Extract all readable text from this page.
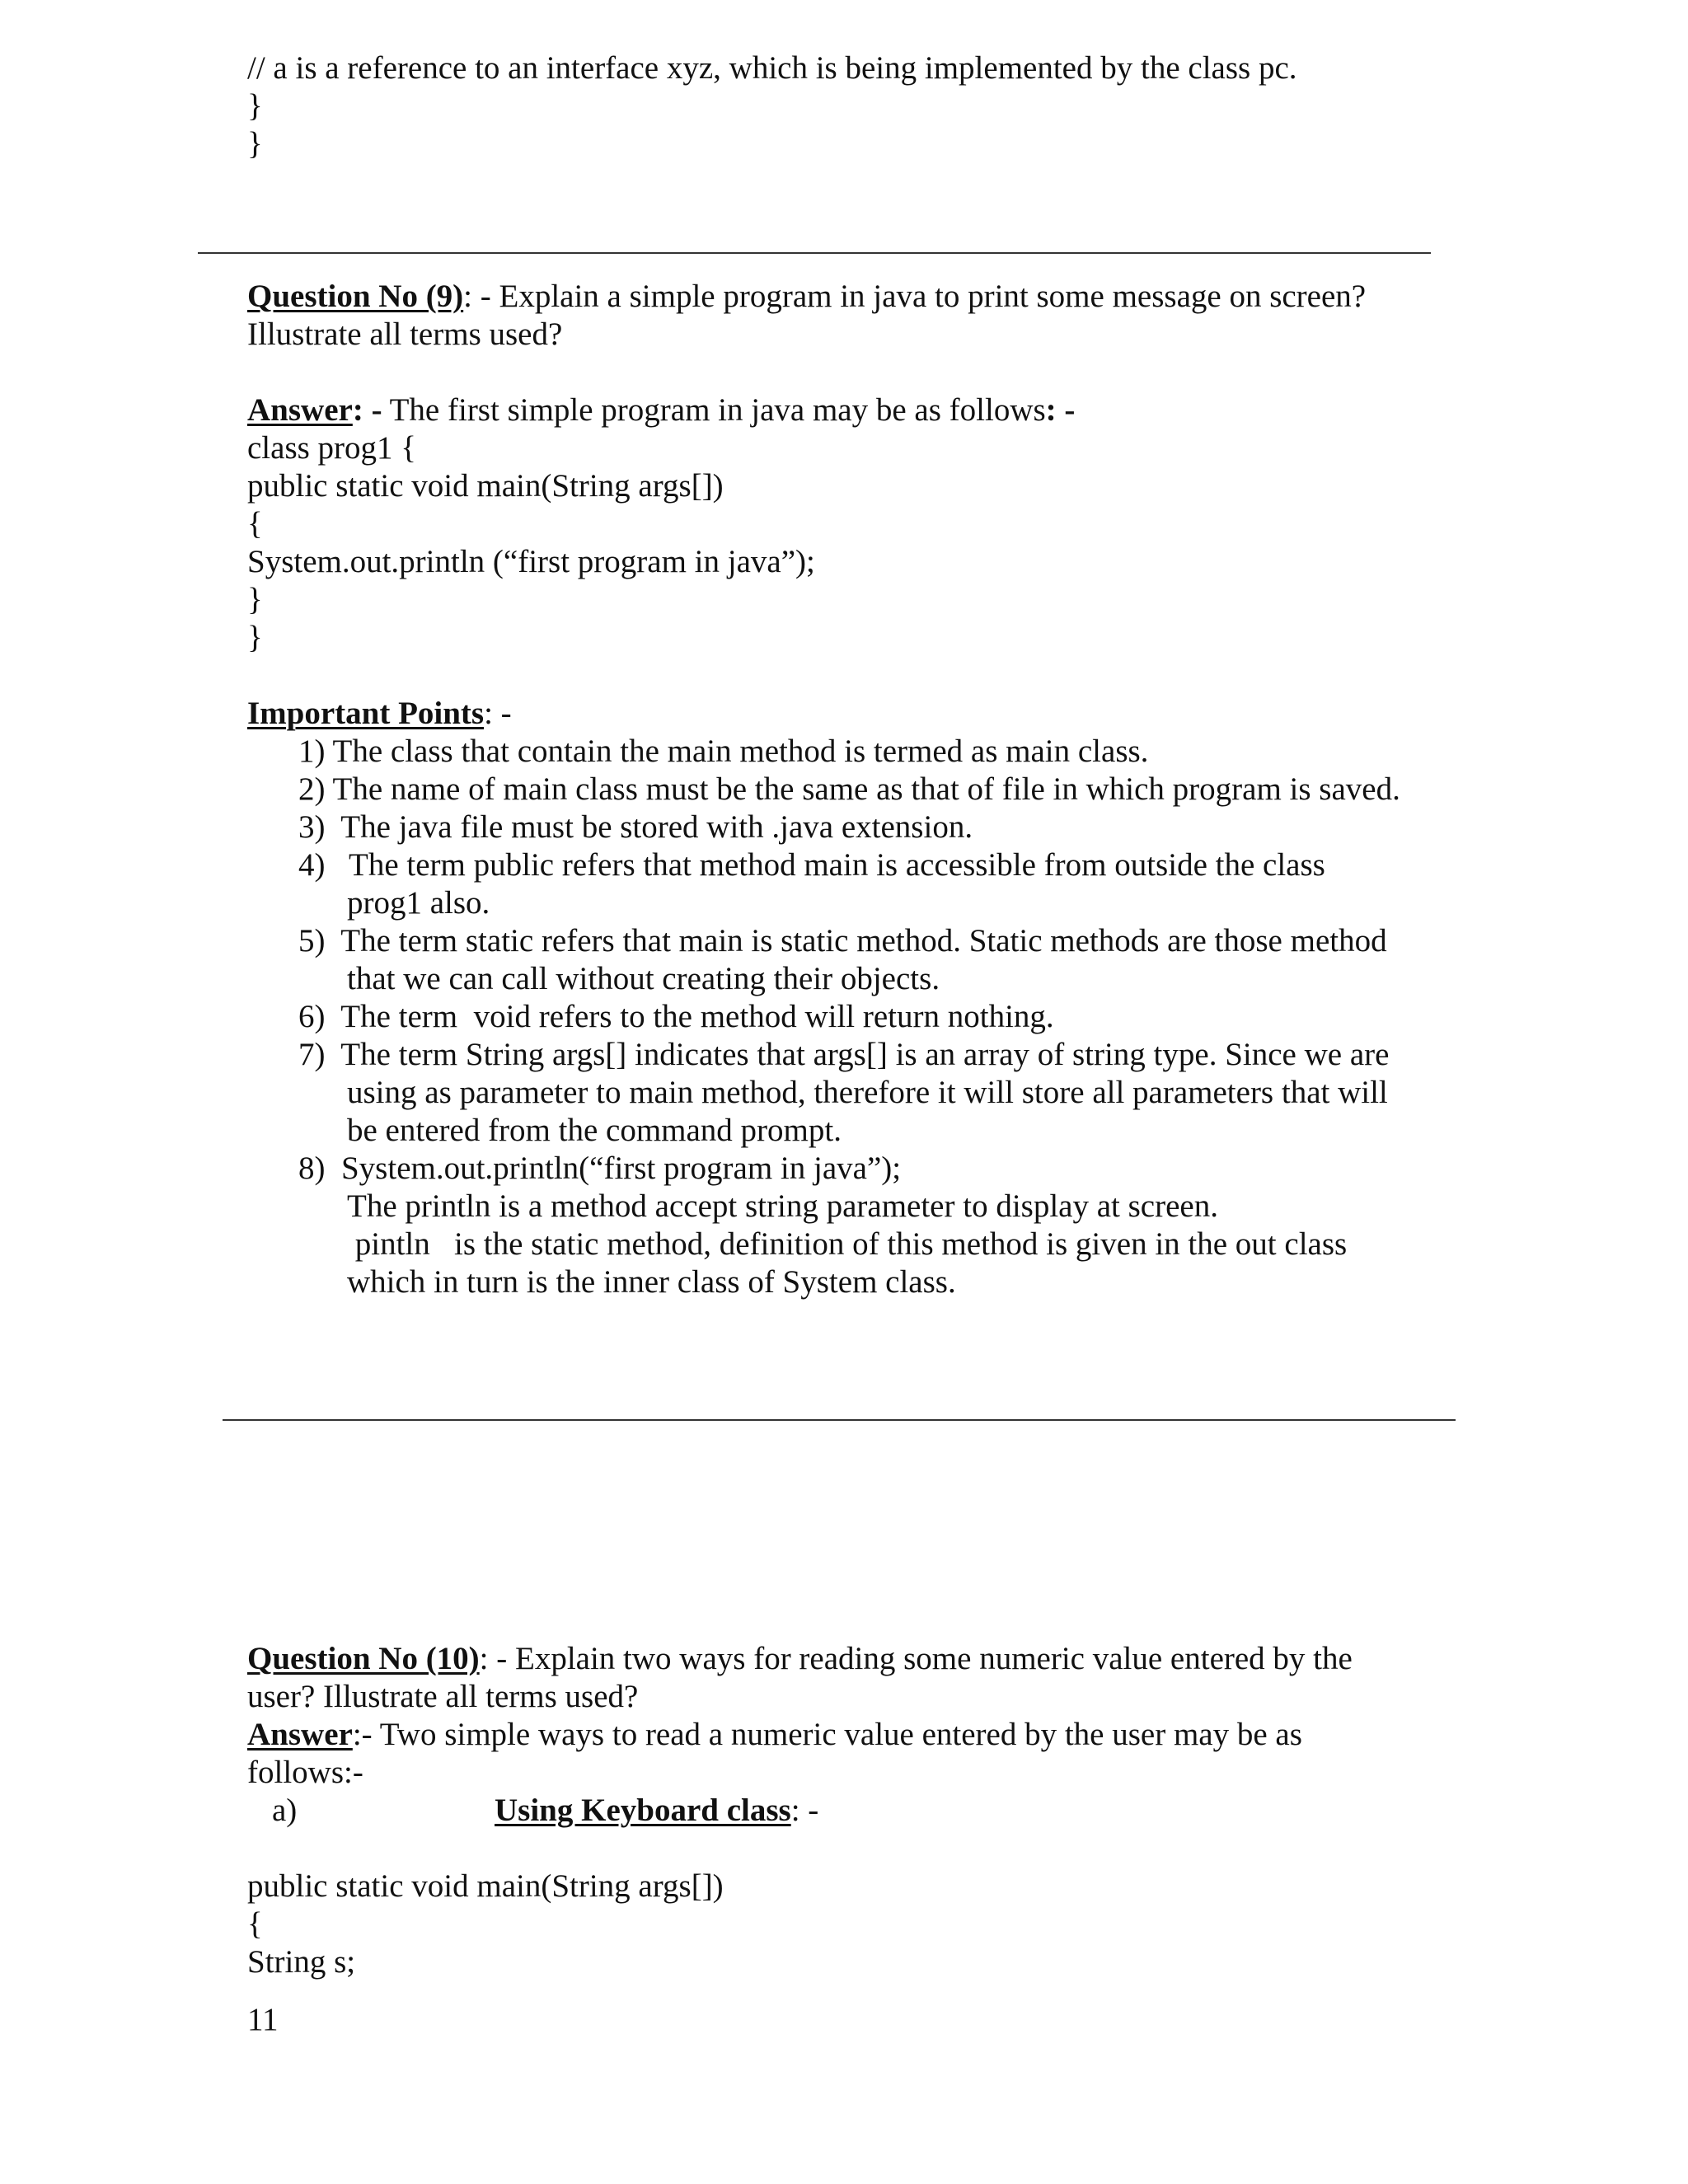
// a is a reference to an interface xyz, which is being implemented by the class pc.
}
}
Question No (9): - Explain a simple program in java to print some message on screen?
Illustrate all terms used?
Answer: - The first simple program in java may be as follows: -
class prog1 {
public static void main(String args[])
{
System.out.println (“first program in java”);
}
}
Important Points: -
1) The class that contain the main method is termed as main class.
2) The name of main class must be the same as that of file in which program is saved.
3)  The java file must be stored with .java extension.
4)   The term public refers that method main is accessible from outside the class
prog1 also.
5)  The term static refers that main is static method. Static methods are those method
that we can call without creating their objects.
6)  The term  void refers to the method will return nothing.
7)  The term String args[] indicates that args[] is an array of string type. Since we are
using as parameter to main method, therefore it will store all parameters that will
be entered from the command prompt.
8)  System.out.println(“first program in java”);
The println is a method accept string parameter to display at screen.
pintln   is the static method, definition of this method is given in the out class
which in turn is the inner class of System class.
Question No (10): - Explain two ways for reading some numeric value entered by the
user? Illustrate all terms used?
Answer:- Two simple ways to read a numeric value entered by the user may be as
follows:-
a)	Using Keyboard class: -
public static void main(String args[])
{
String s;
11
